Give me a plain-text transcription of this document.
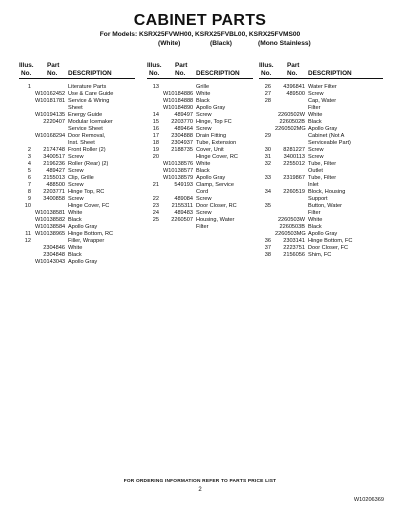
CABINET PARTS
For Models: KSRX25FVWH00, KSRX25FVBL00, KSRX25FVMS00
(White)	(Black)	(Mono Stainless)
Illus.
No.
Part
No. DESCRIPTION
1	Literature Parts
W10162452 Use & Care Guide
W10181781 Service & Wiring
Sheet
W10194135 Energy Guide
2220407 Modular Icemaker
Service Sheet
W10168294 Door Removal,
Inst. Sheet
2	2174748 Front Roller (2)
3	3400517 Screw
4	2196236 Roller (Rear) (2)
5	489427 Screw
6	2155013 Clip, Grille
7	488500 Screw
8	2203771 Hinge Top, RC
9	3400858 Screw
10	Hinge Cover, FC
W10138581 White
W10138582 Black
W10138584 Apollo Gray
11 W10138965 Hinge Bottom, RC
12	Filler, Wrapper
2304846 White
2304848 Black
W10143043 Apollo Gray
Illus.
No.
Part
No. DESCRIPTION
13	Grille
W10184886 White
W10184888 Black
W10184890 Apollo Gray
14	489497 Screw
15	2203770 Hinge, Top FC
16	489464 Screw
17	2304888 Drain Fitting
18	2304937 Tube, Extension
19	2188735 Cover, Unit
20	Hinge Cover, RC
W10138576 White
W10138577 Black
W10138579 Apollo Gray
21	549193 Clamp, Service
Cord
22	489084 Screw
23	2155311 Door Closer, RC
24	489483 Screw
25	2260507 Housing, Water
Filter
Illus.
No.
Part
No. DESCRIPTION
26	4396841 Water Filter
27	489500 Screw
28	Cap, Water
Filter
2260502W White
2260502B Black
2260502MG Apollo Gray
29	Cabinet (Not A
Serviceable Part)
30	8281227 Screw
31	3400113 Screw
32	2255012 Tube, Filter
Outlet
33	2319867 Tube, Filter
Inlet
34	2260519 Block, Housing
Support
35	Button, Water
Filter
2260503W White
2260503B Black
2260503MG Apollo Gray
36	2303141 Hinge Bottom, FC
37	2223751 Door Closer, FC
38	2156056 Shim, FC
FOR ORDERING INFORMATION REFER TO PARTS PRICE LIST
2
W10206369
